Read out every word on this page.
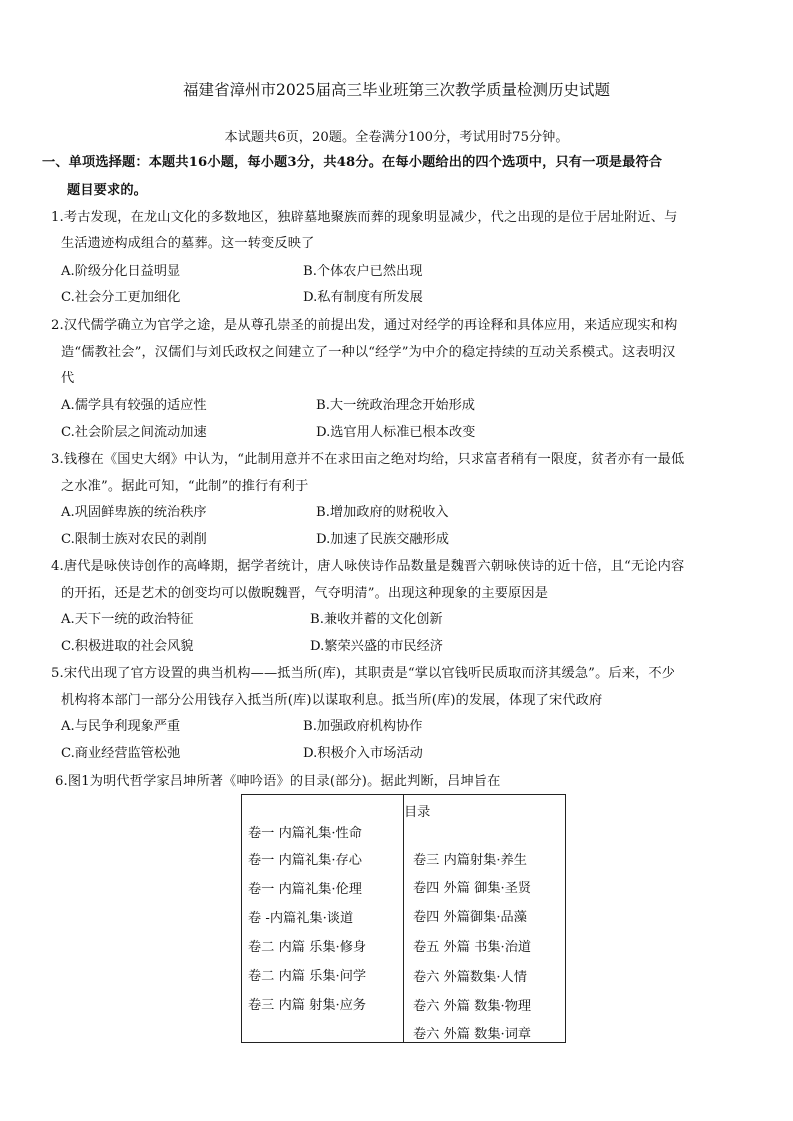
福建省漳州市2025届高三毕业班第三次教学质量检测历史试题
本试题共6页，20题。全卷满分100分，考试用时75分钟。
一、单项选择题：本题共16小题，每小题3分，共48分。在每小题给出的四个选项中，只有一项是最符合
题目要求的。
1.考古发现，在龙山文化的多数地区，独辟墓地聚族而葬的现象明显减少，代之出现的是位于居址附近、与
生活遗迹构成组合的墓葬。这一转变反映了
A.阶级分化日益明显	B.个体农户已然出现
C.社会分工更加细化	D.私有制度有所发展
2.汉代儒学确立为官学之途，是从尊孔崇圣的前提出发，通过对经学的再诠释和具体应用，来适应现实和构
造“儒教社会”，汉儒们与刘氏政权之间建立了一种以“经学”为中介的稳定持续的互动关系模式。这表明汉
代
A.儒学具有较强的适应性	B.大一统政治理念开始形成
C.社会阶层之间流动加速	D.选官用人标准已根本改变
3.钱穆在《国史大纲》中认为，“此制用意并不在求田亩之绝对均给，只求富者稍有一限度，贫者亦有一最低
之水准”。据此可知，“此制”的推行有利于
A.巩固鲜卑族的统治秩序	B.增加政府的财税收入
C.限制士族对农民的剥削	D.加速了民族交融形成
4.唐代是咏侠诗创作的高峰期，据学者统计，唐人咏侠诗作品数量是魏晋六朝咏侠诗的近十倍，且“无论内容
的开拓，还是艺术的创变均可以傲睨魏晋，气夺明清”。出现这种现象的主要原因是
A.天下一统的政治特征	B.兼收并蓄的文化创新
C.积极进取的社会风貌	D.繁荣兴盛的市民经济
5.宋代出现了官方设置的典当机构——抵当所(库)，其职责是“掌以官钱听民质取而济其缓急”。后来，不少
机构将本部门一部分公用钱存入抵当所(库)以谋取利息。抵当所(库)的发展，体现了宋代政府
A.与民争利现象严重	B.加强政府机构协作
C.商业经营监管松弛	D.积极介入市场活动
6.图1为明代哲学家吕坤所著《呻吟语》的目录(部分)。据此判断，吕坤旨在
目录
卷一 内篇礼集·性命
卷一 内篇礼集·存心
卷一 内篇礼集·伦理
卷 -内篇礼集·谈道
卷二 内篇 乐集·修身
卷二 内篇 乐集·问学
卷三 内篇 射集·应务
卷三 内篇射集·养生
卷四 外篇 御集·圣贤
卷四 外篇御集·品藻
卷五 外篇 书集·治道
卷六 外篇数集·人情
卷六 外篇 数集·物理
卷六 外篇 数集·词章
